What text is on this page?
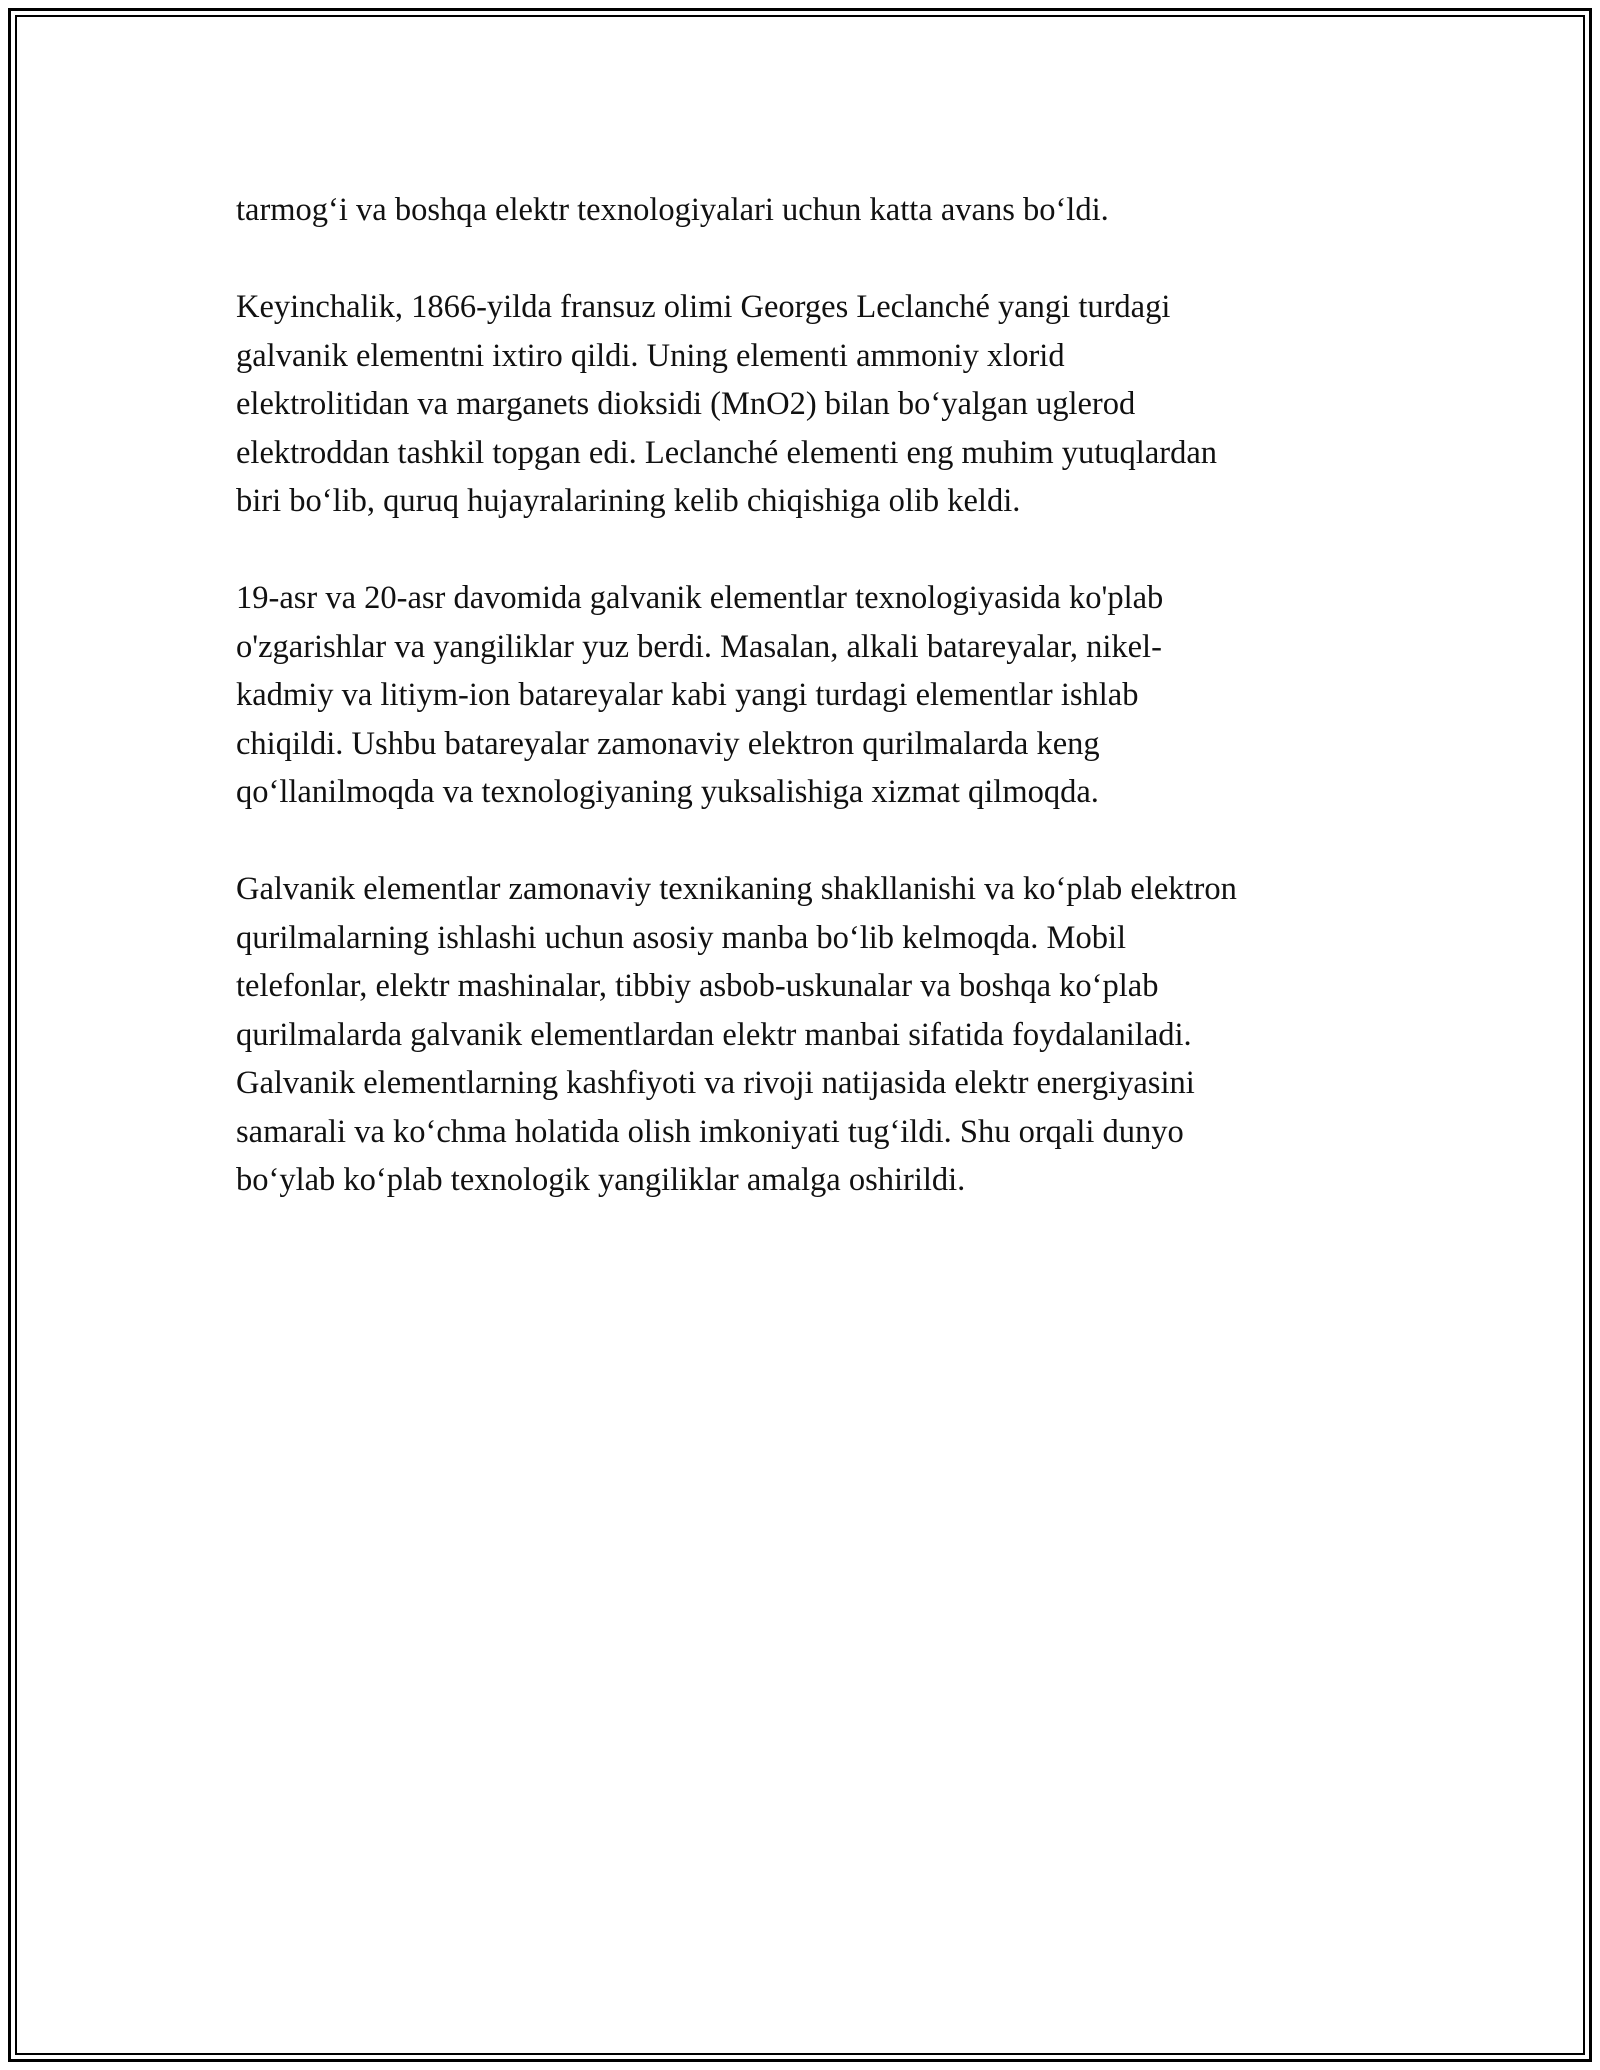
tarmog‘i va boshqa elektr texnologiyalari uchun katta avans bo‘ldi.

Keyinchalik, 1866-yilda fransuz olimi Georges Leclanché yangi turdagi
galvanik elementni ixtiro qildi. Uning elementi ammoniy xlorid
elektrolitidan va marganets dioksidi (MnO2) bilan bo‘yalgan uglerod
elektroddan tashkil topgan edi. Leclanché elementi eng muhim yutuqlardan
biri bo‘lib, quruq hujayralarining kelib chiqishiga olib keldi.

19-asr va 20-asr davomida galvanik elementlar texnologiyasida ko'plab
o'zgarishlar va yangiliklar yuz berdi. Masalan, alkali batareyalar, nikel-
kadmiy va litiym-ion batareyalar kabi yangi turdagi elementlar ishlab
chiqildi. Ushbu batareyalar zamonaviy elektron qurilmalarda keng
qo‘llanilmoqda va texnologiyaning yuksalishiga xizmat qilmoqda.

Galvanik elementlar zamonaviy texnikaning shakllanishi va ko‘plab elektron
qurilmalarning ishlashi uchun asosiy manba bo‘lib kelmoqda. Mobil
telefonlar, elektr mashinalar, tibbiy asbob-uskunalar va boshqa ko‘plab
qurilmalarda galvanik elementlardan elektr manbai sifatida foydalaniladi.
Galvanik elementlarning kashfiyoti va rivoji natijasida elektr energiyasini
samarali va ko‘chma holatida olish imkoniyati tug‘ildi. Shu orqali dunyo
bo‘ylab ko‘plab texnologik yangiliklar amalga oshirildi.
